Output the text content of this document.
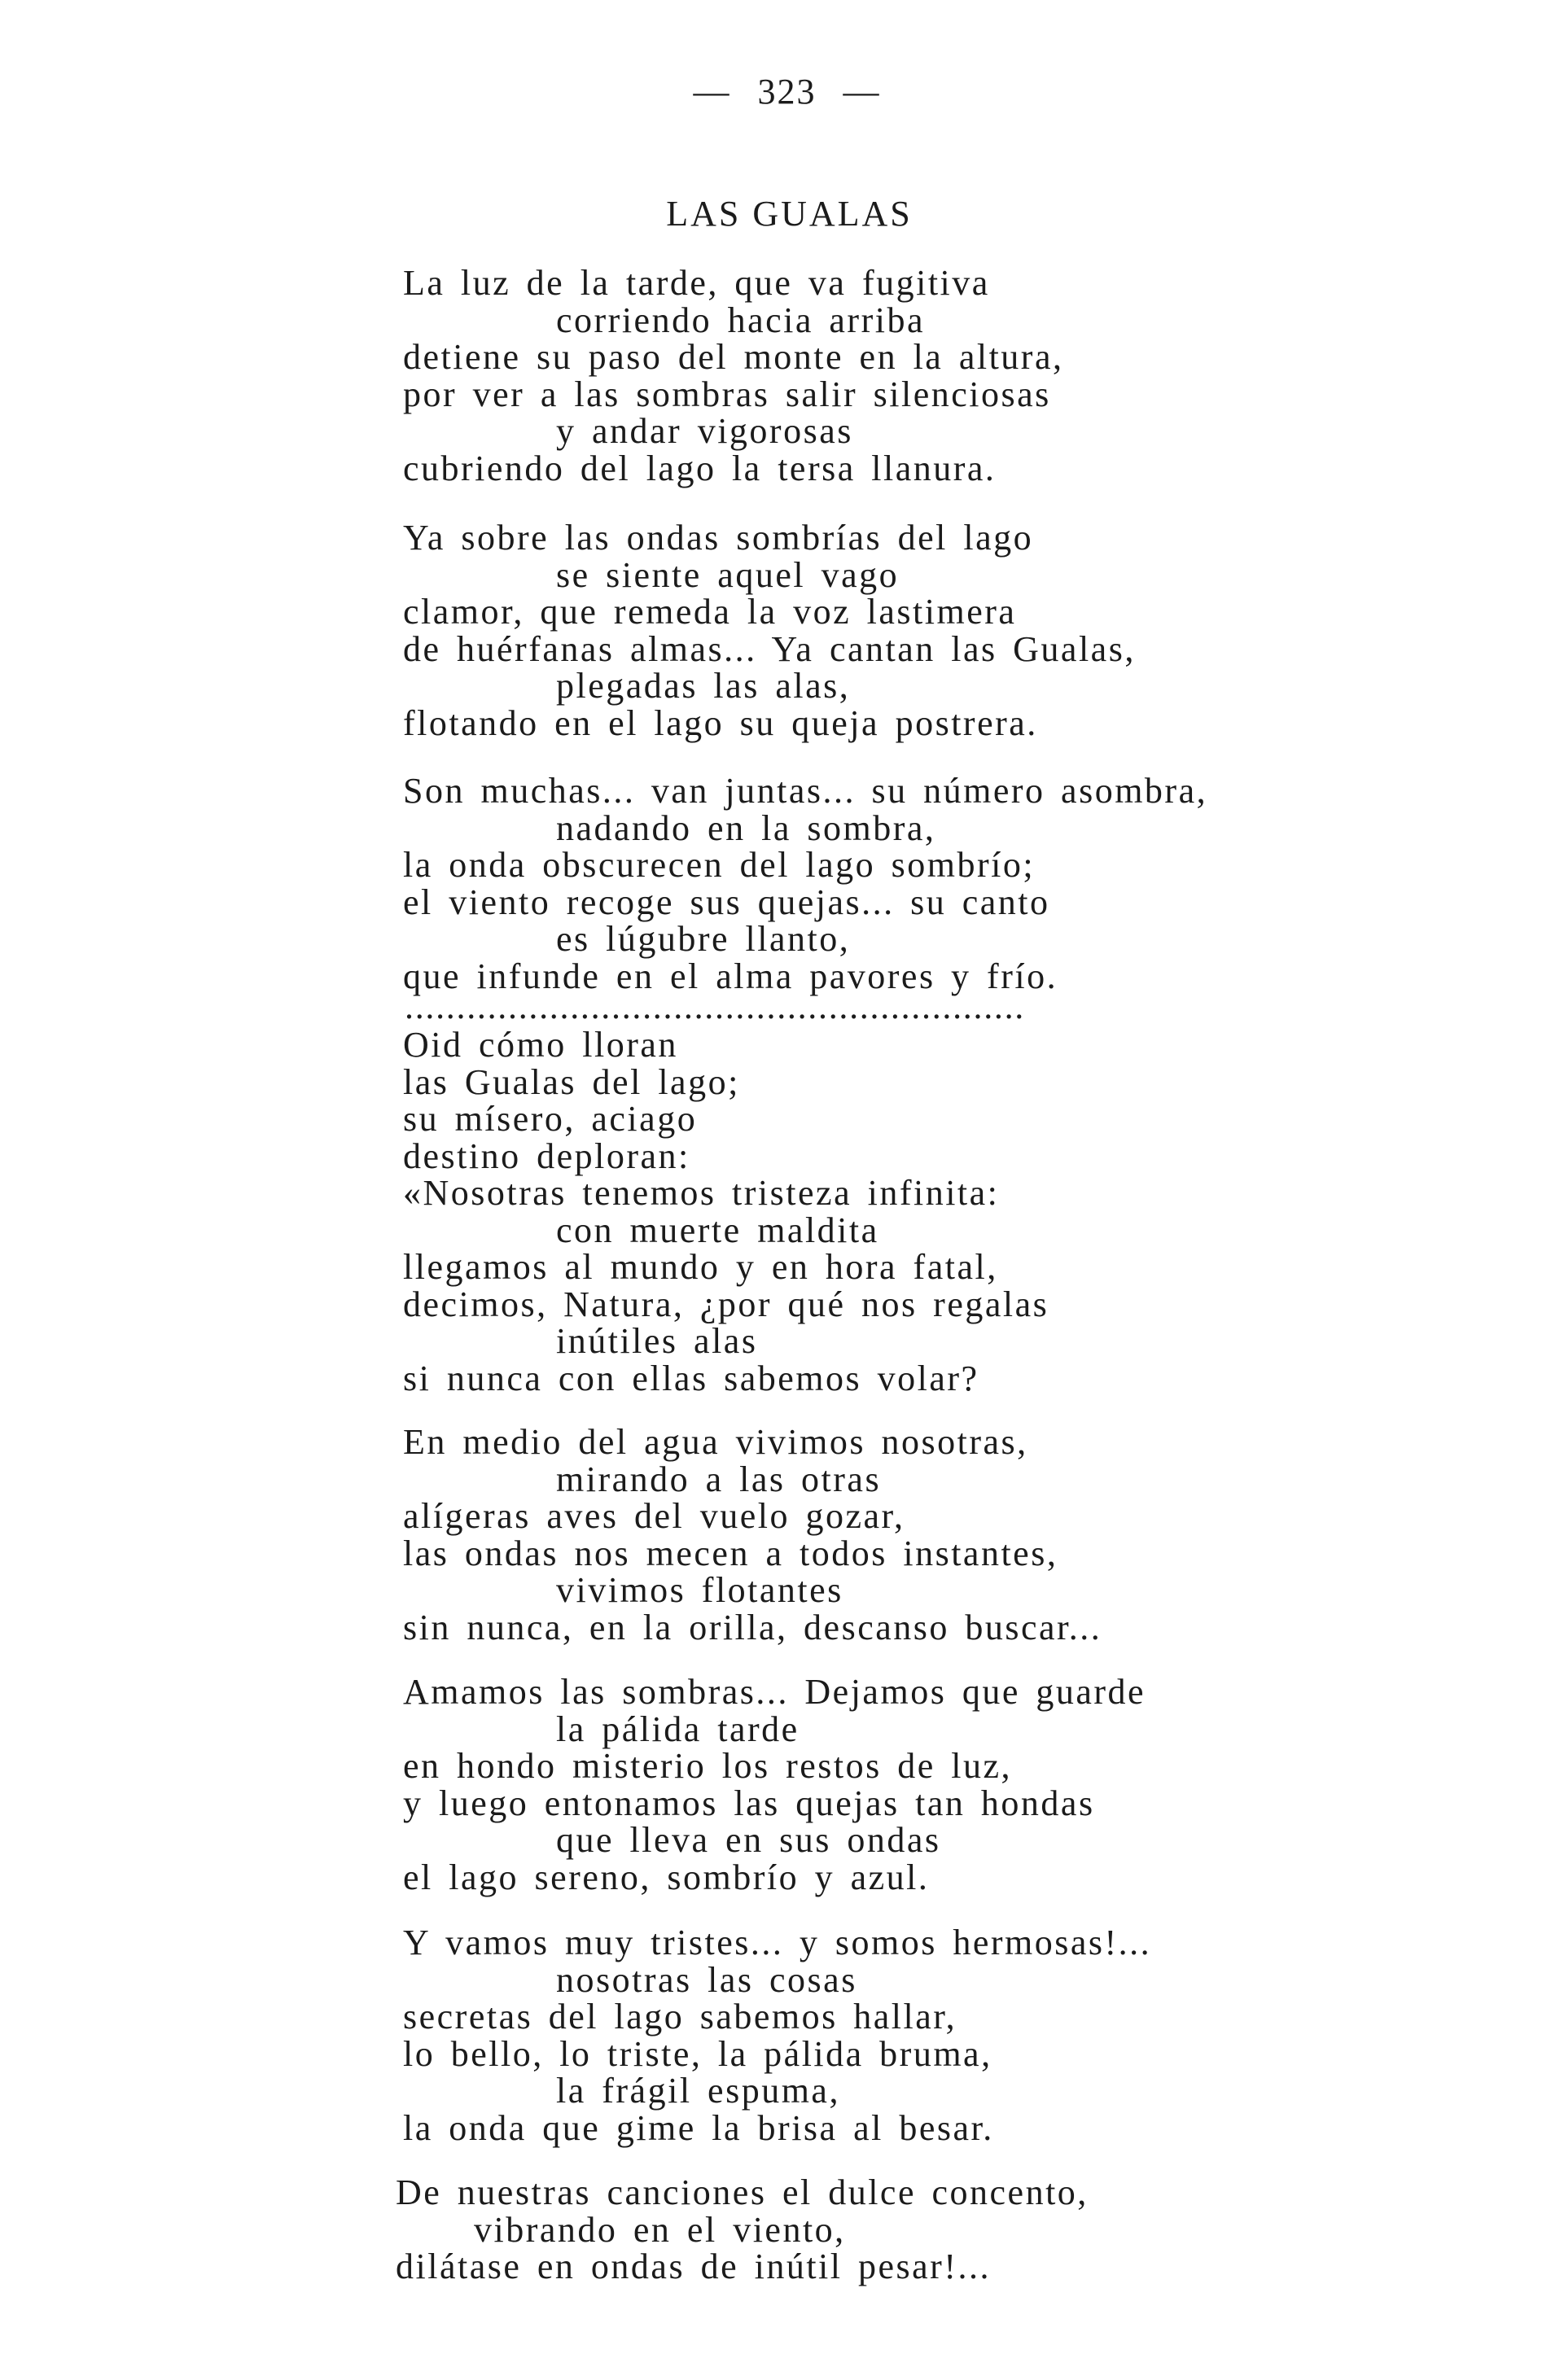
— 323 —
LAS GUALAS
La luz de la tarde, que va fugitiva
corriendo hacia arriba
detiene su paso del monte en la altura,
por ver a las sombras salir silenciosas
y andar vigorosas
cubriendo del lago la tersa llanura.
Ya sobre las ondas sombrías del lago
se siente aquel vago
clamor, que remeda la voz lastimera
de huérfanas almas... Ya cantan las Gualas,
plegadas las alas,
flotando en el lago su queja postrera.
Son muchas... van juntas... su número asombra,
nadando en la sombra,
la onda obscurecen del lago sombrío;
el viento recoge sus quejas... su canto
es lúgubre llanto,
que infunde en el alma pavores y frío.
............................................................
Oid cómo lloran
las Gualas del lago;
su mísero, aciago
destino deploran:
«Nosotras tenemos tristeza infinita:
con muerte maldita
llegamos al mundo y en hora fatal,
decimos, Natura, ¿por qué nos regalas
inútiles alas
si nunca con ellas sabemos volar?
En medio del agua vivimos nosotras,
mirando a las otras
alígeras aves del vuelo gozar,
las ondas nos mecen a todos instantes,
vivimos flotantes
sin nunca, en la orilla, descanso buscar...
Amamos las sombras... Dejamos que guarde
la pálida tarde
en hondo misterio los restos de luz,
y luego entonamos las quejas tan hondas
que lleva en sus ondas
el lago sereno, sombrío y azul.
Y vamos muy tristes... y somos hermosas!...
nosotras las cosas
secretas del lago sabemos hallar,
lo bello, lo triste, la pálida bruma,
la frágil espuma,
la onda que gime la brisa al besar.
De nuestras canciones el dulce concento,
vibrando en el viento,
dilátase en ondas de inútil pesar!...
